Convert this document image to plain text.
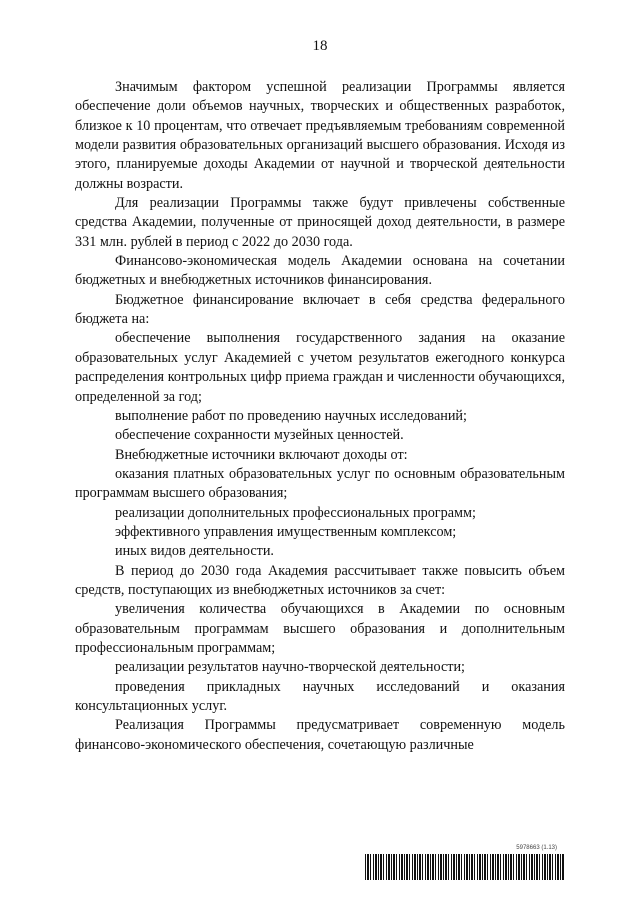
18

Значимым фактором успешной реализации Программы является обеспечение доли объемов научных, творческих и общественных разработок, близкое к 10 процентам, что отвечает предъявляемым требованиям современной модели развития образовательных организаций высшего образования. Исходя из этого, планируемые доходы Академии от научной и творческой деятельности должны возрасти.

Для реализации Программы также будут привлечены собственные средства Академии, полученные от приносящей доход деятельности, в размере 331 млн. рублей в период с 2022 до 2030 года.

Финансово-экономическая модель Академии основана на сочетании бюджетных и внебюджетных источников финансирования.

Бюджетное финансирование включает в себя средства федерального бюджета на:

обеспечение выполнения государственного задания на оказание образовательных услуг Академией с учетом результатов ежегодного конкурса распределения контрольных цифр приема граждан и численности обучающихся, определенной за год;

выполнение работ по проведению научных исследований;

обеспечение сохранности музейных ценностей.

Внебюджетные источники включают доходы от:

оказания платных образовательных услуг по основным образовательным программам высшего образования;

реализации дополнительных профессиональных программ;

эффективного управления имущественным комплексом;

иных видов деятельности.

В период до 2030 года Академия рассчитывает также повысить объем средств, поступающих из внебюджетных источников за счет:

увеличения количества обучающихся в Академии по основным образовательным программам высшего образования и дополнительным профессиональным программам;

реализации результатов научно-творческой деятельности;

проведения прикладных научных исследований и оказания консультационных услуг.

Реализация Программы предусматривает современную модель финансово-экономического обеспечения, сочетающую различные

5978663 (1.13)
